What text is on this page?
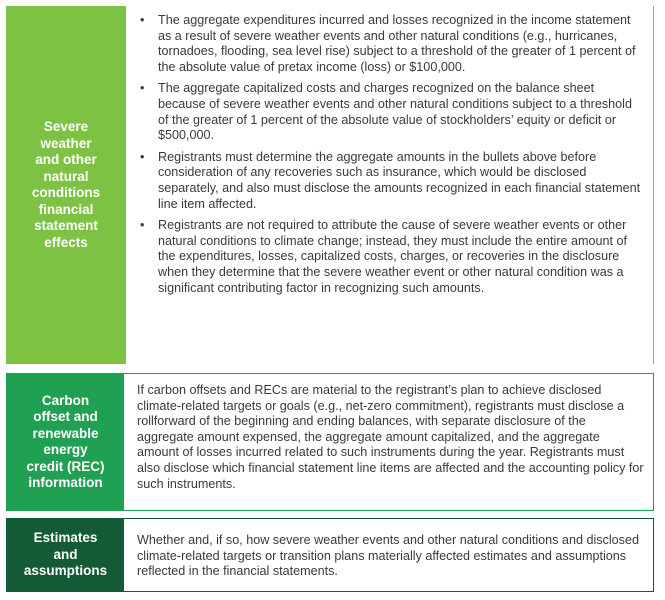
Severe
weather
and other
natural
conditions
financial
statement
effects
• The aggregate expenditures incurred and losses recognized in the income statement as a result of severe weather events and other natural conditions (e.g., hurricanes, tornadoes, flooding, sea level rise) subject to a threshold of the greater of 1 percent of the absolute value of pretax income (loss) or $100,000.
• The aggregate capitalized costs and charges recognized on the balance sheet because of severe weather events and other natural conditions subject to a threshold of the greater of 1 percent of the absolute value of stockholders’ equity or deficit or $500,000.
• Registrants must determine the aggregate amounts in the bullets above before consideration of any recoveries such as insurance, which would be disclosed separately, and also must disclose the amounts recognized in each financial statement line item affected.
• Registrants are not required to attribute the cause of severe weather events or other natural conditions to climate change; instead, they must include the entire amount of the expenditures, losses, capitalized costs, charges, or recoveries in the disclosure when they determine that the severe weather event or other natural condition was a significant contributing factor in recognizing such amounts.
Carbon
offset and
renewable
energy
credit (REC)
information
If carbon offsets and RECs are material to the registrant’s plan to achieve disclosed climate-related targets or goals (e.g., net-zero commitment), registrants must disclose a rollforward of the beginning and ending balances, with separate disclosure of the aggregate amount expensed, the aggregate amount capitalized, and the aggregate amount of losses incurred related to such instruments during the year. Registrants must also disclose which financial statement line items are affected and the accounting policy for such instruments.
Estimates
and
assumptions
Whether and, if so, how severe weather events and other natural conditions and disclosed climate-related targets or transition plans materially affected estimates and assumptions reflected in the financial statements.
